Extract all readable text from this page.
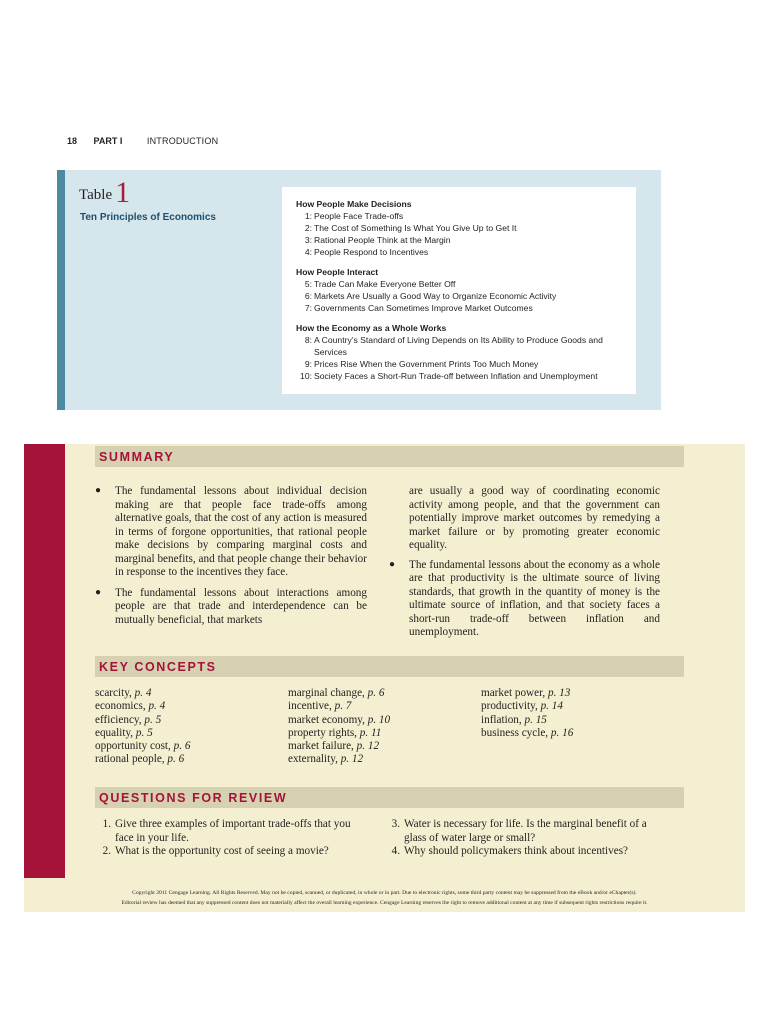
18 PART I	INTRODUCTION
Table 1
Ten Principles of Economics
How People Make Decisions
1: People Face Trade-offs
2: The Cost of Something Is What You Give Up to Get It
3: Rational People Think at the Margin
4: People Respond to Incentives
How People Interact
5: Trade Can Make Everyone Better Off
6: Markets Are Usually a Good Way to Organize Economic Activity
7: Governments Can Sometimes Improve Market Outcomes
How the Economy as a Whole Works
8: A Country’s Standard of Living Depends on Its Ability to Produce Goods and Services
9: Prices Rise When the Government Prints Too Much Money
10: Society Faces a Short-Run Trade-off between Inflation and Unemployment
SUMMARY
KEY CONCEPTS
QUESTIONS FOR REVIEW
● The fundamental lessons about individual decision making are that people face trade-offs among alternative goals, that the cost of any action is measured in terms of forgone opportunities, that rational people make decisions by comparing marginal costs and marginal benefits, and that people change their behavior in response to the incentives they face.
● The fundamental lessons about interactions among people are that trade and interdependence can be mutually beneficial, that markets
are usually a good way of coordinating economic activity among people, and that the government can potentially improve market outcomes by remedying a market failure or by promoting greater economic equality.
● The fundamental lessons about the economy as a whole are that productivity is the ultimate source of living standards, that growth in the quantity of money is the ultimate source of inflation, and that society faces a short-run trade-off between inflation and unemployment.
scarcity, p. 4
economics, p. 4
efficiency, p. 5
equality, p. 5
opportunity cost, p. 6
rational people, p. 6
marginal change, p. 6
incentive, p. 7
market economy, p. 10
property rights, p. 11
market failure, p. 12
externality, p. 12
market power, p. 13
productivity, p. 14
inflation, p. 15
business cycle, p. 16
1. Give three examples of important trade-offs that you face in your life.
2. What is the opportunity cost of seeing a movie?
3. Water is necessary for life. Is the marginal benefit of a glass of water large or small?
4. Why should policymakers think about incentives?
Copyright 2011 Cengage Learning. All Rights Reserved. May not be copied, scanned, or duplicated, in whole or in part. Due to electronic rights, some third party content may be suppressed from the eBook and/or eChapter(s).
Editorial review has deemed that any suppressed content does not materially affect the overall learning experience. Cengage Learning reserves the right to remove additional content at any time if subsequent rights restrictions require it.
